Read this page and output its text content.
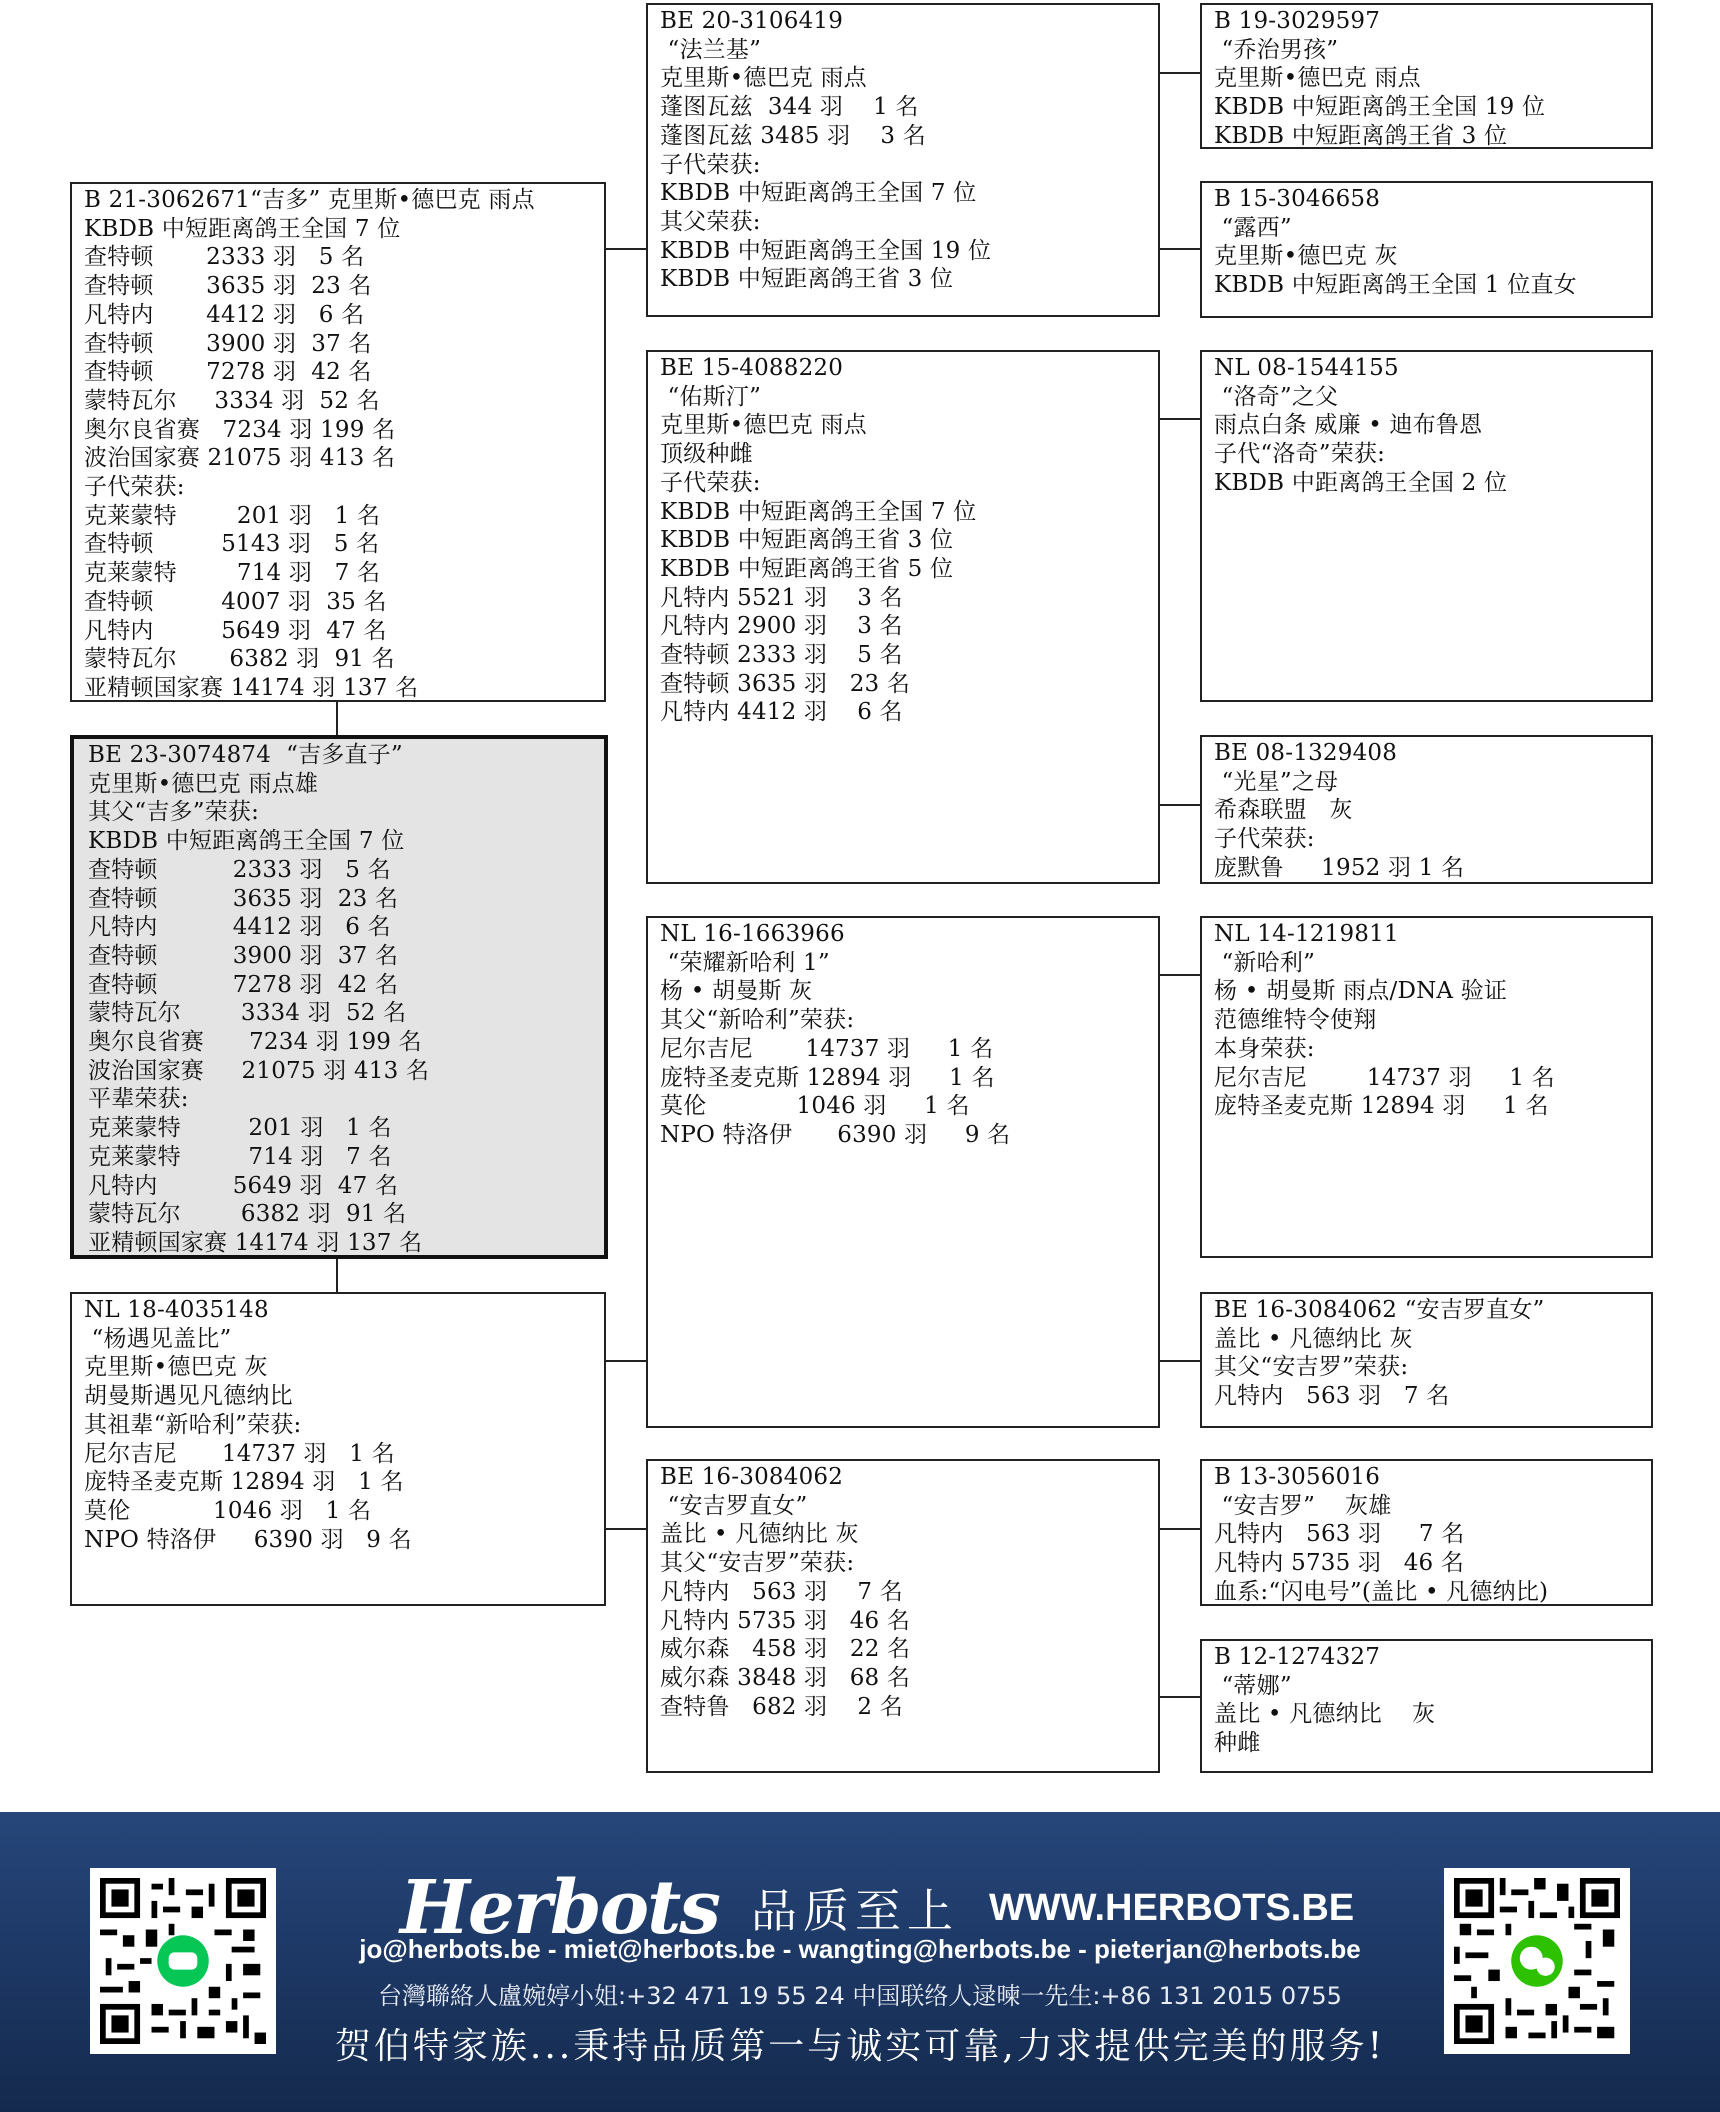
B 21-3062671“吉多” 克里斯•德巴克 雨点
KBDB 中短距离鸽王全国 7 位
查特顿       2333 羽   5 名
查特顿       3635 羽  23 名
凡特内       4412 羽   6 名
查特顿       3900 羽  37 名
查特顿       7278 羽  42 名
蒙特瓦尔     3334 羽  52 名
奥尔良省赛   7234 羽 199 名
波治国家赛 21075 羽 413 名
子代荣获:
克莱蒙特        201 羽   1 名
查特顿         5143 羽   5 名
克莱蒙特        714 羽   7 名
查特顿         4007 羽  35 名
凡特内         5649 羽  47 名
蒙特瓦尔       6382 羽  91 名
亚精顿国家赛 14174 羽 137 名
BE 23-3074874  “吉多直子”
克里斯•德巴克 雨点雄
其父“吉多”荣获:
KBDB 中短距离鸽王全国 7 位
查特顿          2333 羽   5 名
查特顿          3635 羽  23 名
凡特内          4412 羽   6 名
查特顿          3900 羽  37 名
查特顿          7278 羽  42 名
蒙特瓦尔        3334 羽  52 名
奥尔良省赛      7234 羽 199 名
波治国家赛     21075 羽 413 名
平辈荣获:
克莱蒙特         201 羽   1 名
克莱蒙特         714 羽   7 名
凡特内          5649 羽  47 名
蒙特瓦尔        6382 羽  91 名
亚精顿国家赛 14174 羽 137 名
NL 18-4035148
“杨遇见盖比”
克里斯•德巴克 灰
胡曼斯遇见凡德纳比
其祖辈“新哈利”荣获:
尼尔吉尼      14737 羽   1 名
庞特圣麦克斯 12894 羽   1 名
莫伦           1046 羽   1 名
NPO 特洛伊     6390 羽   9 名
BE 20-3106419
“法兰基”
克里斯•德巴克 雨点
蓬图瓦兹  344 羽    1 名
蓬图瓦兹 3485 羽    3 名
子代荣获:
KBDB 中短距离鸽王全国 7 位
其父荣获:
KBDB 中短距离鸽王全国 19 位
KBDB 中短距离鸽王省 3 位
BE 15-4088220
“佑斯汀”
克里斯•德巴克 雨点
顶级种雌
子代荣获:
KBDB 中短距离鸽王全国 7 位
KBDB 中短距离鸽王省 3 位
KBDB 中短距离鸽王省 5 位
凡特内 5521 羽    3 名
凡特内 2900 羽    3 名
查特顿 2333 羽    5 名
查特顿 3635 羽   23 名
凡特内 4412 羽    6 名
NL 16-1663966
“荣耀新哈利 1”
杨 • 胡曼斯 灰
其父“新哈利”荣获:
尼尔吉尼       14737 羽     1 名
庞特圣麦克斯 12894 羽     1 名
莫伦            1046 羽     1 名
NPO 特洛伊      6390 羽     9 名
BE 16-3084062
“安吉罗直女”
盖比 • 凡德纳比 灰
其父“安吉罗”荣获:
凡特内   563 羽    7 名
凡特内 5735 羽   46 名
威尔森   458 羽   22 名
威尔森 3848 羽   68 名
查特鲁   682 羽    2 名
B 19-3029597
“乔治男孩”
克里斯•德巴克 雨点
KBDB 中短距离鸽王全国 19 位
KBDB 中短距离鸽王省 3 位
B 15-3046658
“露西”
克里斯•德巴克 灰
KBDB 中短距离鸽王全国 1 位直女
NL 08-1544155
“洛奇”之父
雨点白条 威廉 • 迪布鲁恩
子代“洛奇”荣获:
KBDB 中距离鸽王全国 2 位
BE 08-1329408
“光星”之母
希森联盟   灰
子代荣获:
庞默鲁     1952 羽 1 名
NL 14-1219811
“新哈利”
杨 • 胡曼斯 雨点/DNA 验证
范德维特令使翔
本身荣获:
尼尔吉尼        14737 羽     1 名
庞特圣麦克斯 12894 羽     1 名
BE 16-3084062 “安吉罗直女”
盖比 • 凡德纳比 灰
其父“安吉罗”荣获:
凡特内   563 羽   7 名
B 13-3056016
“安吉罗”    灰雄
凡特内   563 羽     7 名
凡特内 5735 羽   46 名
血系:“闪电号”(盖比 • 凡德纳比)
B 12-1274327
“蒂娜”
盖比 • 凡德纳比    灰
种雌
Herbots 品质至上 WWW.HERBOTS.BE
jo@herbots.be - miet@herbots.be - wangting@herbots.be - pieterjan@herbots.be
台灣聯絡人盧婉婷小姐:+32 471 19 55 24 中国联络人逯暕一先生:+86 131 2015 0755
贺伯特家族...秉持品质第一与诚实可靠,力求提供完美的服务!
